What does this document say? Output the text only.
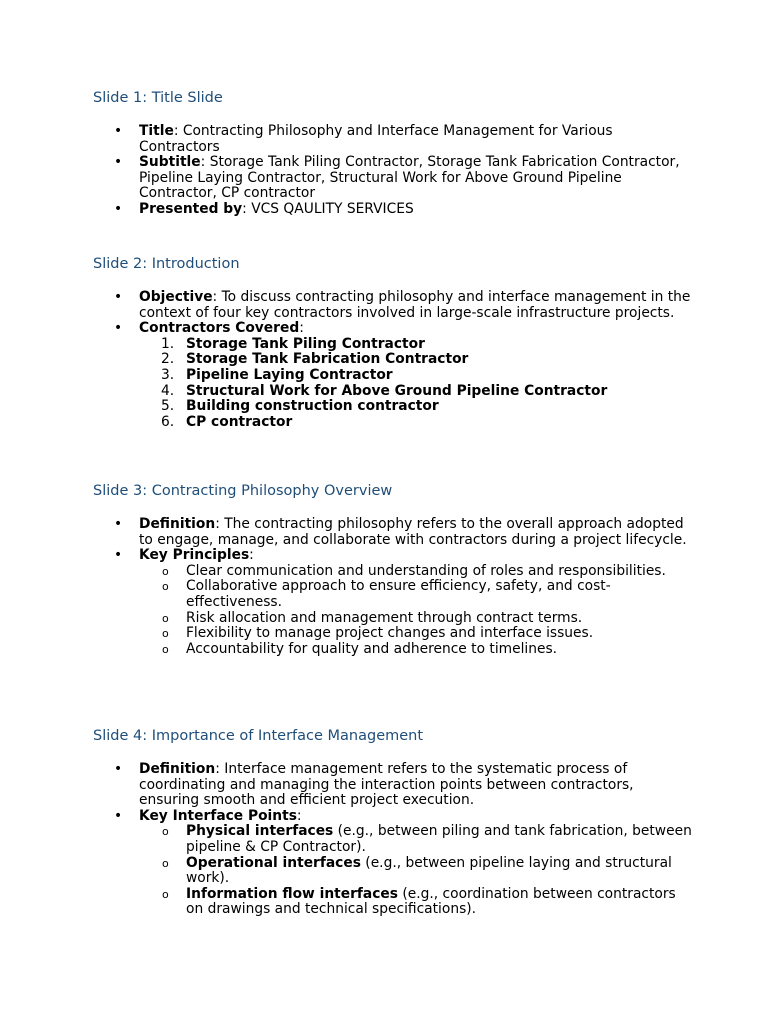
Slide 1: Title Slide
• Title: Contracting Philosophy and Interface Management for Various Contractors
• Subtitle: Storage Tank Piling Contractor, Storage Tank Fabrication Contractor, Pipeline Laying Contractor, Structural Work for Above Ground Pipeline Contractor, CP contractor
• Presented by: VCS QAULITY SERVICES
Slide 2: Introduction
• Objective: To discuss contracting philosophy and interface management in the context of four key contractors involved in large-scale infrastructure projects.
• Contractors Covered:
1. Storage Tank Piling Contractor
2. Storage Tank Fabrication Contractor
3. Pipeline Laying Contractor
4. Structural Work for Above Ground Pipeline Contractor
5. Building construction contractor
6. CP contractor
Slide 3: Contracting Philosophy Overview
• Definition: The contracting philosophy refers to the overall approach adopted to engage, manage, and collaborate with contractors during a project lifecycle.
• Key Principles:
o Clear communication and understanding of roles and responsibilities.
o Collaborative approach to ensure efficiency, safety, and cost-effectiveness.
o Risk allocation and management through contract terms.
o Flexibility to manage project changes and interface issues.
o Accountability for quality and adherence to timelines.
Slide 4: Importance of Interface Management
• Definition: Interface management refers to the systematic process of coordinating and managing the interaction points between contractors, ensuring smooth and efficient project execution.
• Key Interface Points:
o Physical interfaces (e.g., between piling and tank fabrication, between pipeline & CP Contractor).
o Operational interfaces (e.g., between pipeline laying and structural work).
o Information flow interfaces (e.g., coordination between contractors on drawings and technical specifications).
